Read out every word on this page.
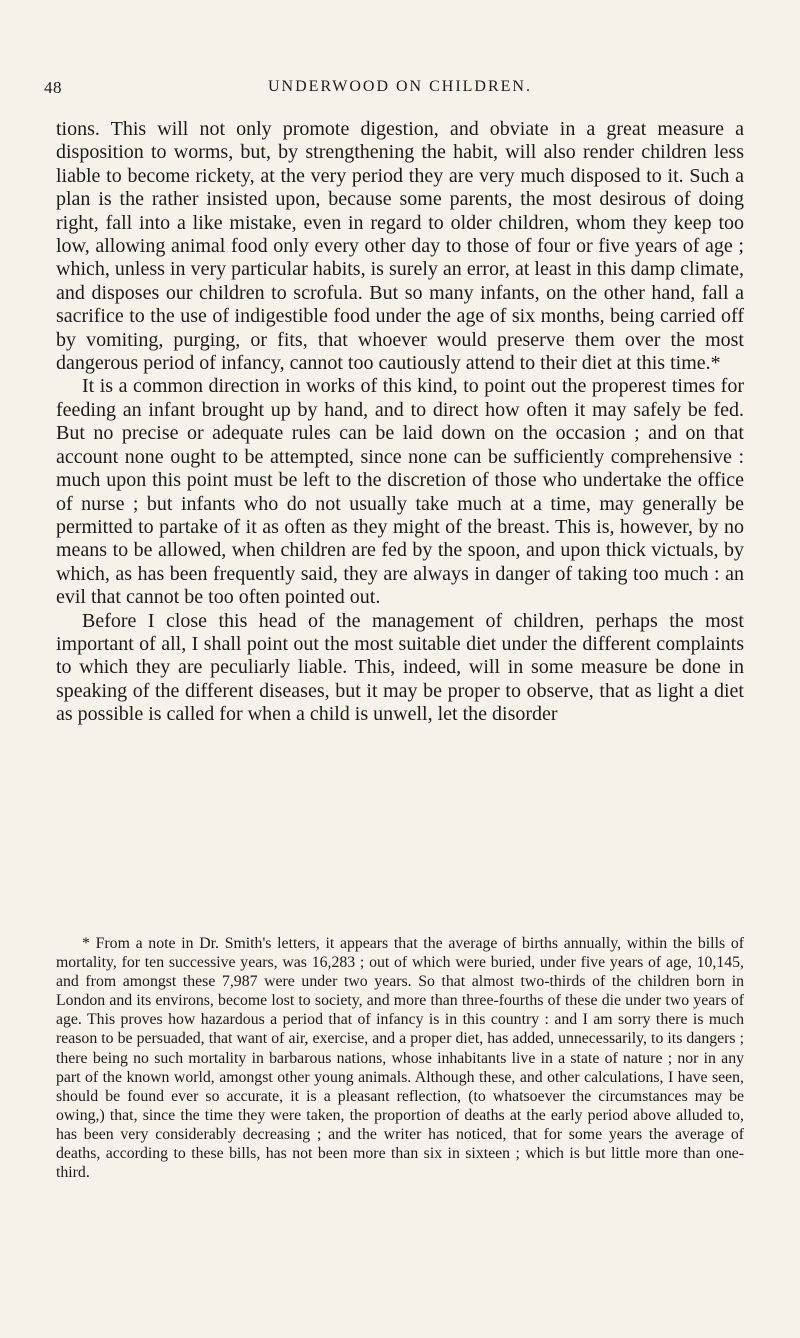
48	UNDERWOOD ON CHILDREN.

tions. This will not only promote digestion, and obviate in a great measure a disposition to worms, but, by strengthening the habit, will also render children less liable to become rickety, at the very period they are very much disposed to it. Such a plan is the rather insisted upon, because some parents, the most desirous of doing right, fall into a like mistake, even in regard to older children, whom they keep too low, allowing animal food only every other day to those of four or five years of age ; which, unless in very particular habits, is surely an error, at least in this damp climate, and disposes our children to scrofula. But so many infants, on the other hand, fall a sacrifice to the use of indigestible food under the age of six months, being carried off by vomiting, purging, or fits, that whoever would preserve them over the most dangerous period of infancy, cannot too cautiously attend to their diet at this time.*

It is a common direction in works of this kind, to point out the properest times for feeding an infant brought up by hand, and to direct how often it may safely be fed. But no precise or adequate rules can be laid down on the occasion ; and on that account none ought to be attempted, since none can be sufficiently comprehensive : much upon this point must be left to the discretion of those who undertake the office of nurse ; but infants who do not usually take much at a time, may generally be permitted to partake of it as often as they might of the breast. This is, however, by no means to be allowed, when children are fed by the spoon, and upon thick victuals, by which, as has been frequently said, they are always in danger of taking too much : an evil that cannot be too often pointed out.

Before I close this head of the management of children, perhaps the most important of all, I shall point out the most suitable diet under the different complaints to which they are peculiarly liable. This, indeed, will in some measure be done in speaking of the different diseases, but it may be proper to observe, that as light a diet as possible is called for when a child is unwell, let the disorder

* From a note in Dr. Smith's letters, it appears that the average of births annually, within the bills of mortality, for ten successive years, was 16,283 ; out of which were buried, under five years of age, 10,145, and from amongst these 7,987 were under two years. So that almost two-thirds of the children born in London and its environs, become lost to society, and more than three-fourths of these die under two years of age. This proves how hazardous a period that of infancy is in this country : and I am sorry there is much reason to be persuaded, that want of air, exercise, and a proper diet, has added, unnecessarily, to its dangers ; there being no such mortality in barbarous nations, whose inhabitants live in a state of nature ; nor in any part of the known world, amongst other young animals. Although these, and other calculations, I have seen, should be found ever so accurate, it is a pleasant reflection, (to whatsoever the circumstances may be owing,) that, since the time they were taken, the proportion of deaths at the early period above alluded to, has been very considerably decreasing ; and the writer has noticed, that for some years the average of deaths, according to these bills, has not been more than six in sixteen ; which is but little more than one-third.
